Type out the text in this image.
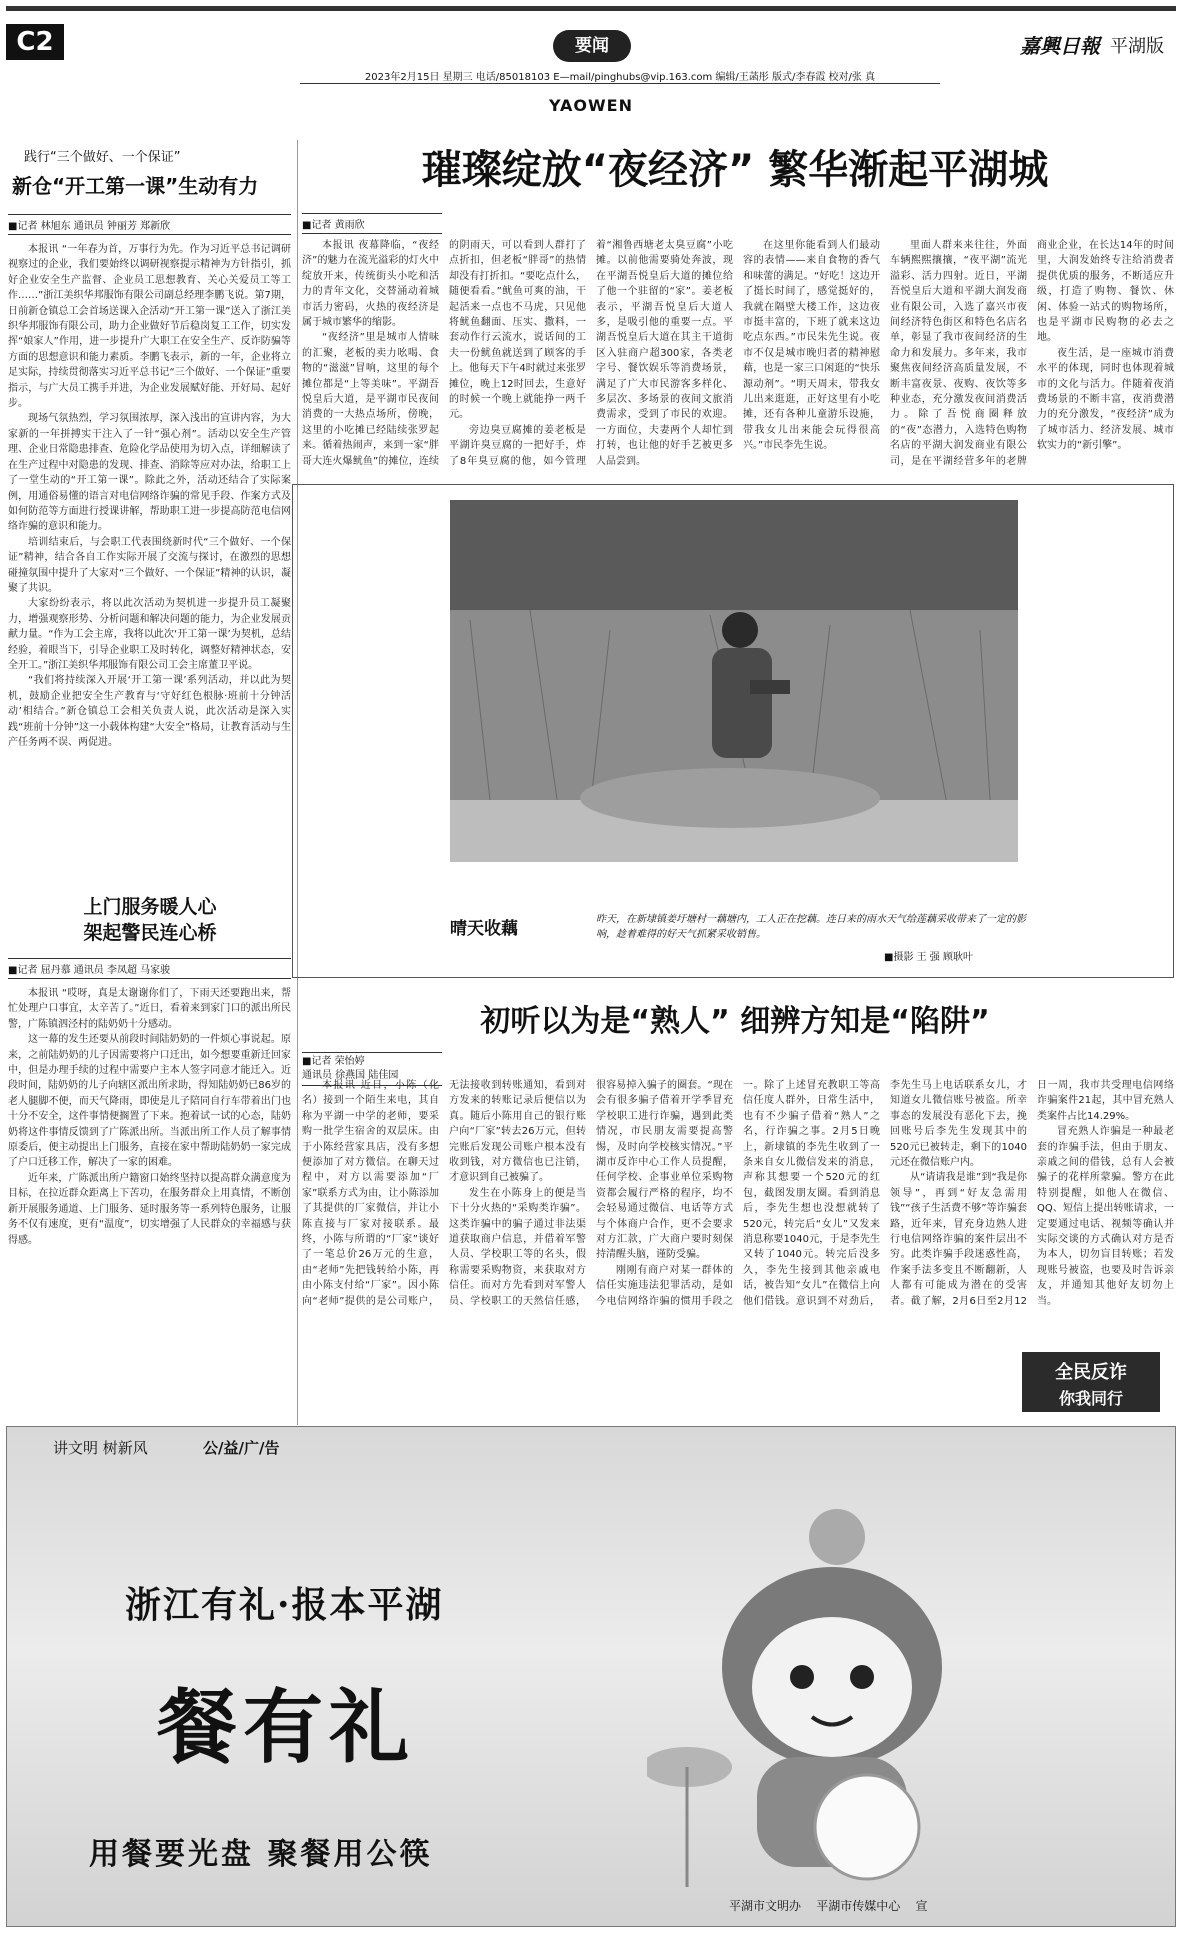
C2	要闻
2023年2月15日 星期三 电话/85018103 E—mail/pinghubs@vip.163.com 编辑/王菡彤 版式/李春霞 校对/张 真
YAOWEN
嘉興日報 平湖版
践行“三个做好、一个保证”
新仓“开工第一课”生动有力
■记者 林旭东 通讯员 钟丽芳 郑新欣

本报讯 “一年春为首，万事行为先。作为习近平总书记调研视察过的企业，我们要始终以调研视察提示精神为方针指引，抓好企业安全生产监督、企业员工思想教育、关心关爱员工等工作……”浙江美织华邦服饰有限公司副总经理李鹏飞说。第7期，日前新仓镇总工会首场送课入企活动“开工第一课”送入了浙江美织华邦服饰有限公司，助力企业做好节后稳岗复工工作，切实发挥“娘家人”作用，进一步提升广大职工在安全生产、反诈防骗等方面的思想意识和能力素质。李鹏飞表示，新的一年，企业将立足实际，持续贯彻落实习近平总书记“三个做好、一个保证”重要指示，与广大员工携手并进，为企业发展赋好能、开好局、起好步。

现场气氛热烈，学习氛围浓厚，深入浅出的宣讲内容，为大家新的一年拼搏实干注入了一针“强心剂”。活动以安全生产管理、企业日常隐患排查、危险化学品使用为切入点，详细解读了在生产过程中对隐患的发现、排查、消除等应对办法，给职工上了一堂生动的“开工第一课”。除此之外，活动还结合了实际案例，用通俗易懂的语言对电信网络诈骗的常见手段、作案方式及如何防范等方面进行授课讲解，帮助职工进一步提高防范电信网络诈骗的意识和能力。

培训结束后，与会职工代表围绕新时代“三个做好、一个保证”精神，结合各自工作实际开展了交流与探讨，在激烈的思想碰撞氛围中提升了大家对“三个做好、一个保证”精神的认识，凝聚了共识。

大家纷纷表示，将以此次活动为契机进一步提升员工凝聚力，增强观察形势、分析问题和解决问题的能力，为企业发展贡献力量。“作为工会主席，我将以此次‘开工第一课’为契机，总结经验，着眼当下，引导企业职工及时转化，调整好精神状态，安全开工。”浙江美织华邦服饰有限公司工会主席董卫平说。

“我们将持续深入开展‘开工第一课’系列活动，并以此为契机，鼓励企业把安全生产教育与‘守好红色根脉·班前十分钟活动’相结合。”新仓镇总工会相关负责人说，此次活动是深入实践“班前十分钟”这一小载体构建“大安全”格局，让教育活动与生产任务两不误、两促进。

上门服务暖人心
架起警民连心桥
■记者 屈丹慕 通讯员 李凤超 马家骏

本报讯 “哎呀，真是太谢谢你们了，下雨天还要跑出来，帮忙处理户口事宜，太辛苦了。”近日，看着来到家门口的派出所民警，广陈镇泗泾村的陆奶奶十分感动。

这一幕的发生还要从前段时间陆奶奶的一件烦心事说起。原来，之前陆奶奶的儿子因需要将户口迁出，如今想要重新迁回家中，但是办理手续的过程中需要户主本人签字同意才能迁入。近段时间，陆奶奶的儿子向辖区派出所求助，得知陆奶奶已86岁的老人腿脚不便，而天气降雨，即使是儿子陪同自行车带着出门也十分不安全，这件事情便搁置了下来。抱着试一试的心态，陆奶奶将这件事情反馈到了广陈派出所。当派出所工作人员了解事情原委后，便主动提出上门服务，直接在家中帮助陆奶奶一家完成了户口迁移工作，解决了一家的困难。

近年来，广陈派出所户籍窗口始终坚持以提高群众满意度为目标，在拉近群众距离上下苦功，在服务群众上用真情，不断创新开展服务通道、上门服务、延时服务等一系列特色服务，让服务不仅有速度，更有“温度”，切实增强了人民群众的幸福感与获得感。

璀璨绽放“夜经济” 繁华渐起平湖城
■记者 黄雨欣

本报讯 夜幕降临，“夜经济”的魅力在流光溢彩的灯火中绽放开来，传统街头小吃和活力的青年文化，交替涌动着城市活力密码，火热的夜经济是属于城市繁华的缩影。

“夜经济”里是城市人情味的汇聚，老板的卖力吆喝、食物的“滋滋”冒响，这里的每个摊位都是“上等美味”。平湖吾悦皇后大道，是平湖市民夜间消费的一大热点场所，傍晚，这里的小吃摊已经陆续张罗起来。循着热闹声，来到一家“胖哥大连火爆鱿鱼”的摊位，连续的阴雨天，可以看到人群打了点折扣，但老板“胖哥”的热情却没有打折扣。“要吃点什么，随便看看。”鱿鱼可爽的油，干起活来一点也不马虎，只见他将鱿鱼翻面、压实、撒料，一套动作行云流水，说话间的工夫一份鱿鱼就送到了顾客的手上。他每天下午4时就过来张罗摊位，晚上12时回去，生意好的时候一个晚上就能挣一两千元。

旁边臭豆腐摊的姜老板是平湖许臭豆腐的一把好手，炸了8年臭豆腐的他，如今管理着“湘鲁西塘老太臭豆腐”小吃摊。以前他需要骑处奔波，现在平湖吾悦皇后大道的摊位给了他一个驻留的“家”。姜老板表示，平湖吾悦皇后大道人多，是吸引他的重要一点。平湖吾悦皇后大道在其主干道街区入驻商户超300家，各类老字号、餐饮娱乐等消费场景，满足了广大市民游客多样化、多层次、多场景的夜间文旅消费需求，受到了市民的欢迎。一方面位，夫妻两个人却忙到打转，也让他的好手艺被更多人品尝到。

在这里你能看到人们最动容的表情——来自食物的香气和味蕾的满足。“好吃！这边开了挺长时间了，感觉挺好的，我就在隔壁大楼工作，这边夜市挺丰富的，下班了就来这边吃点东西。”市民朱先生说。夜市不仅是城市晚归者的精神慰藉，也是一家三口闲逛的“快乐源动剂”。“明天周末，带我女儿出来逛逛，正好这里有小吃摊，还有各种儿童游乐设施，带我女儿出来能会玩得很高兴。”市民李先生说。

里面人群来来往往，外面车辆熙熙攘攘，“夜平湖”流光溢彩、活力四射。近日，平湖吾悦皇后大道和平湖大润发商业有限公司，入选了嘉兴市夜间经济特色街区和特色名店名单，彰显了我市夜间经济的生命力和发展力。多年来，我市聚焦夜间经济高质量发展，不断丰富夜景、夜购、夜饮等多种业态，充分激发夜间消费活力。除了吾悦商圈释放的“夜”态潜力，入选特色购物名店的平湖大润发商业有限公司，是在平湖经营多年的老牌商业企业，在长达14年的时间里，大润发始终专注给消费者提供优质的服务，不断适应升级，打造了购物、餐饮、休闲、体验一站式的购物场所，也是平湖市民购物的必去之地。

夜生活，是一座城市消费水平的体现，同时也体现着城市的文化与活力。伴随着夜消费场景的不断丰富，夜消费潜力的充分激发，“夜经济”成为了城市活力、经济发展、城市软实力的“新引擎”。

晴天收藕	昨天，在新埭镇姜圩塘村一藕塘内，工人正在挖藕。连日来的雨水天气给莲藕采收带来了一定的影响，趁着难得的好天气抓紧采收销售。
■摄影 王 强 顾耿叶
初听以为是“熟人” 细辨方知是“陷阱”
■记者 荣怡婷
通讯员 徐燕国 陆佳园

本报讯 近日，小陈（化名）接到一个陌生来电，其自称为平湖一中学的老师，要采购一批学生宿舍的双层床。由于小陈经营家具店，没有多想便添加了对方微信。在聊天过程中，对方以需要添加“厂家”联系方式为由，让小陈添加了其提供的厂家微信，并让小陈直接与厂家对接联系。最终，小陈与所谓的“厂家”谈好了一笔总价26万元的生意，由“老师”先把钱转给小陈，再由小陈支付给“厂家”。因小陈向“老师”提供的是公司账户，无法接收到转账通知，看到对方发来的转账记录后便信以为真。随后小陈用自己的银行账户向“厂家”转去26万元，但转完账后发现公司账户根本没有收到钱，对方微信也已注销，才意识到自己被骗了。

发生在小陈身上的便是当下十分火热的“采购类诈骗”。这类诈骗中的骗子通过非法渠道获取商户信息，并借着军警人员、学校职工等的名头，假称需要采购物资，来获取对方信任。而对方先看到对军警人员、学校职工的天然信任感，很容易掉入骗子的圈套。“现在会有很多骗子借着开学季冒充学校职工进行诈骗，遇到此类情况，市民朋友需要提高警惕，及时向学校核实情况。”平湖市反诈中心工作人员提醒，任何学校、企事业单位采购物资都会履行严格的程序，均不会轻易通过微信、电话等方式与个体商户合作，更不会要求对方汇款，广大商户要时刻保持清醒头脑，谨防受骗。

刚刚有商户对某一群体的信任实施违法犯罪活动，是如今电信网络诈骗的惯用手段之一。除了上述冒充教职工等高信任度人群外，日常生活中，也有不少骗子借着“熟人”之名，行诈骗之事。2月5日晚上，新埭镇的李先生收到了一条来自女儿微信发来的消息，声称其想要一个520元的红包，截图发朋友圈。看到消息后，李先生想也没想就转了520元，转完后“女儿”又发来消息称要1040元，于是李先生又转了1040元。转完后没多久，李先生接到其他亲戚电话，被告知“女儿”在微信上向他们借钱。意识到不对劲后，李先生马上电话联系女儿，才知道女儿微信账号被盗。所幸事态的发展没有恶化下去，挽回账号后李先生发现其中的520元已被转走，剩下的1040元还在微信账户内。

从“请请我是谁”到“我是你领导”，再到“好友急需用钱”“孩子生活费不够”等诈骗套路，近年来，冒充身边熟人进行电信网络诈骗的案件层出不穷。此类诈骗手段迷惑性高，作案手法多变且不断翻新，人人都有可能成为潜在的受害者。截了解，2月6日至2月12日一周，我市共受理电信网络诈骗案件21起，其中冒充熟人类案件占比14.29%。

冒充熟人诈骗是一种最老套的诈骗手法，但由于朋友、亲戚之间的借钱，总有人会被骗子的花样所蒙骗。警方在此特别提醒，如他人在微信、QQ、短信上提出转账请求，一定要通过电话、视频等确认并实际交谈的方式确认对方是否为本人，切勿盲目转账；若发现账号被盗，也要及时告诉亲友，并通知其他好友切勿上当。

全民反诈
你我同行
讲文明 树新风	公/益/广/告
浙江有礼·报本平湖
餐有礼
用餐要光盘 聚餐用公筷
平湖市文明办    平湖市传媒中心    宣
